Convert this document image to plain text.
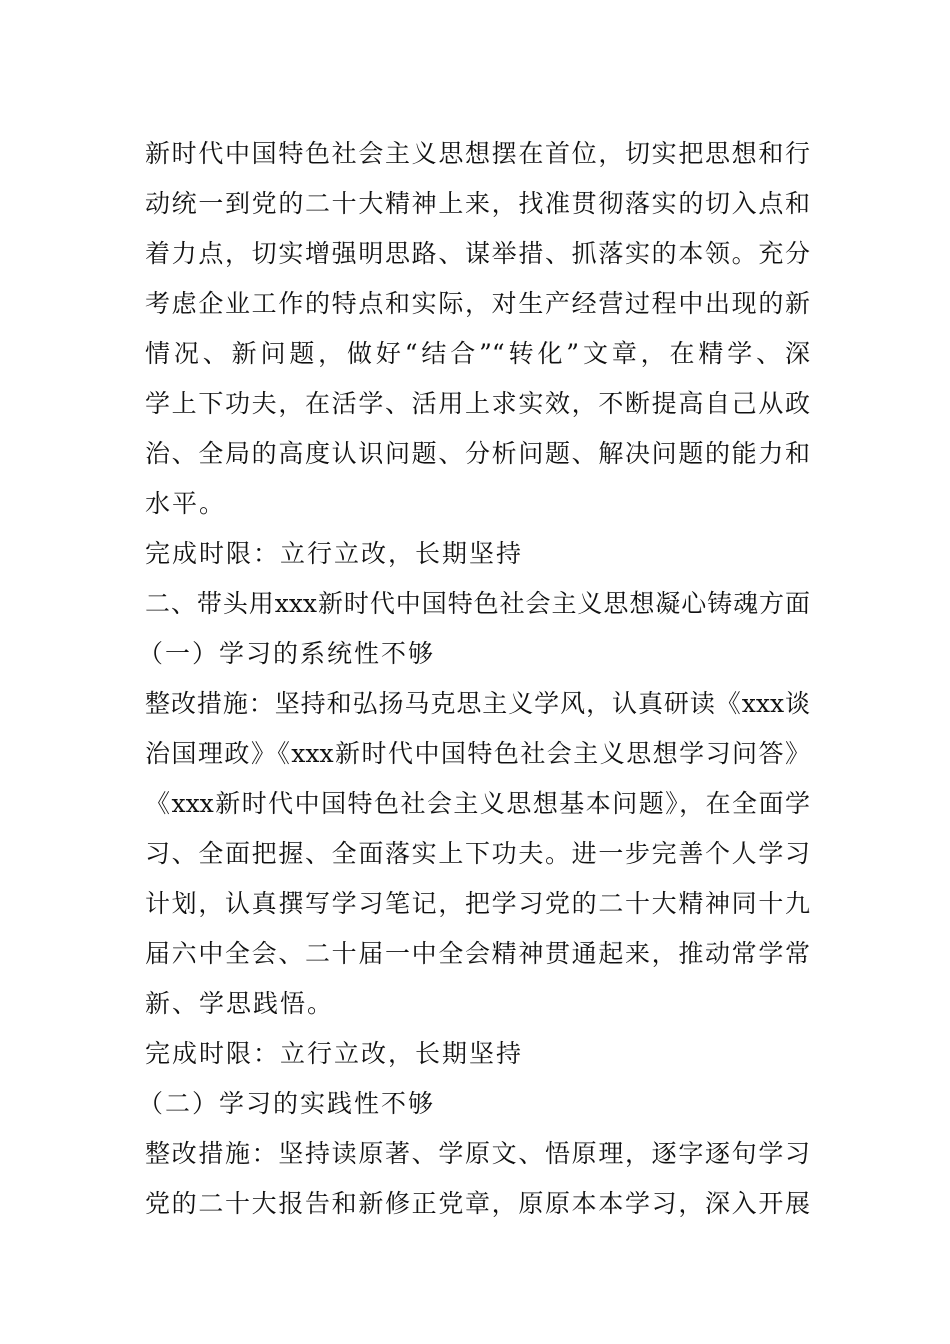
新时代中国特色社会主义思想摆在首位，切实把思想和行
动统一到党的二十大精神上来，找准贯彻落实的切入点和
着力点，切实增强明思路、谋举措、抓落实的本领。充分
考虑企业工作的特点和实际，对生产经营过程中出现的新
情况、新问题，做好“结合”“转化”文章，在精学、深
学上下功夫，在活学、活用上求实效，不断提高自己从政
治、全局的高度认识问题、分析问题、解决问题的能力和
水平。
完成时限：立行立改，长期坚持
二、带头用xxx新时代中国特色社会主义思想凝心铸魂方面
（一）学习的系统性不够
整改措施：坚持和弘扬马克思主义学风，认真研读《xxx谈
治国理政》《xxx新时代中国特色社会主义思想学习问答》
《xxx新时代中国特色社会主义思想基本问题》，在全面学
习、全面把握、全面落实上下功夫。进一步完善个人学习
计划，认真撰写学习笔记，把学习党的二十大精神同十九
届六中全会、二十届一中全会精神贯通起来，推动常学常
新、学思践悟。
完成时限：立行立改，长期坚持
（二）学习的实践性不够
整改措施：坚持读原著、学原文、悟原理，逐字逐句学习
党的二十大报告和新修正党章，原原本本学习，深入开展
